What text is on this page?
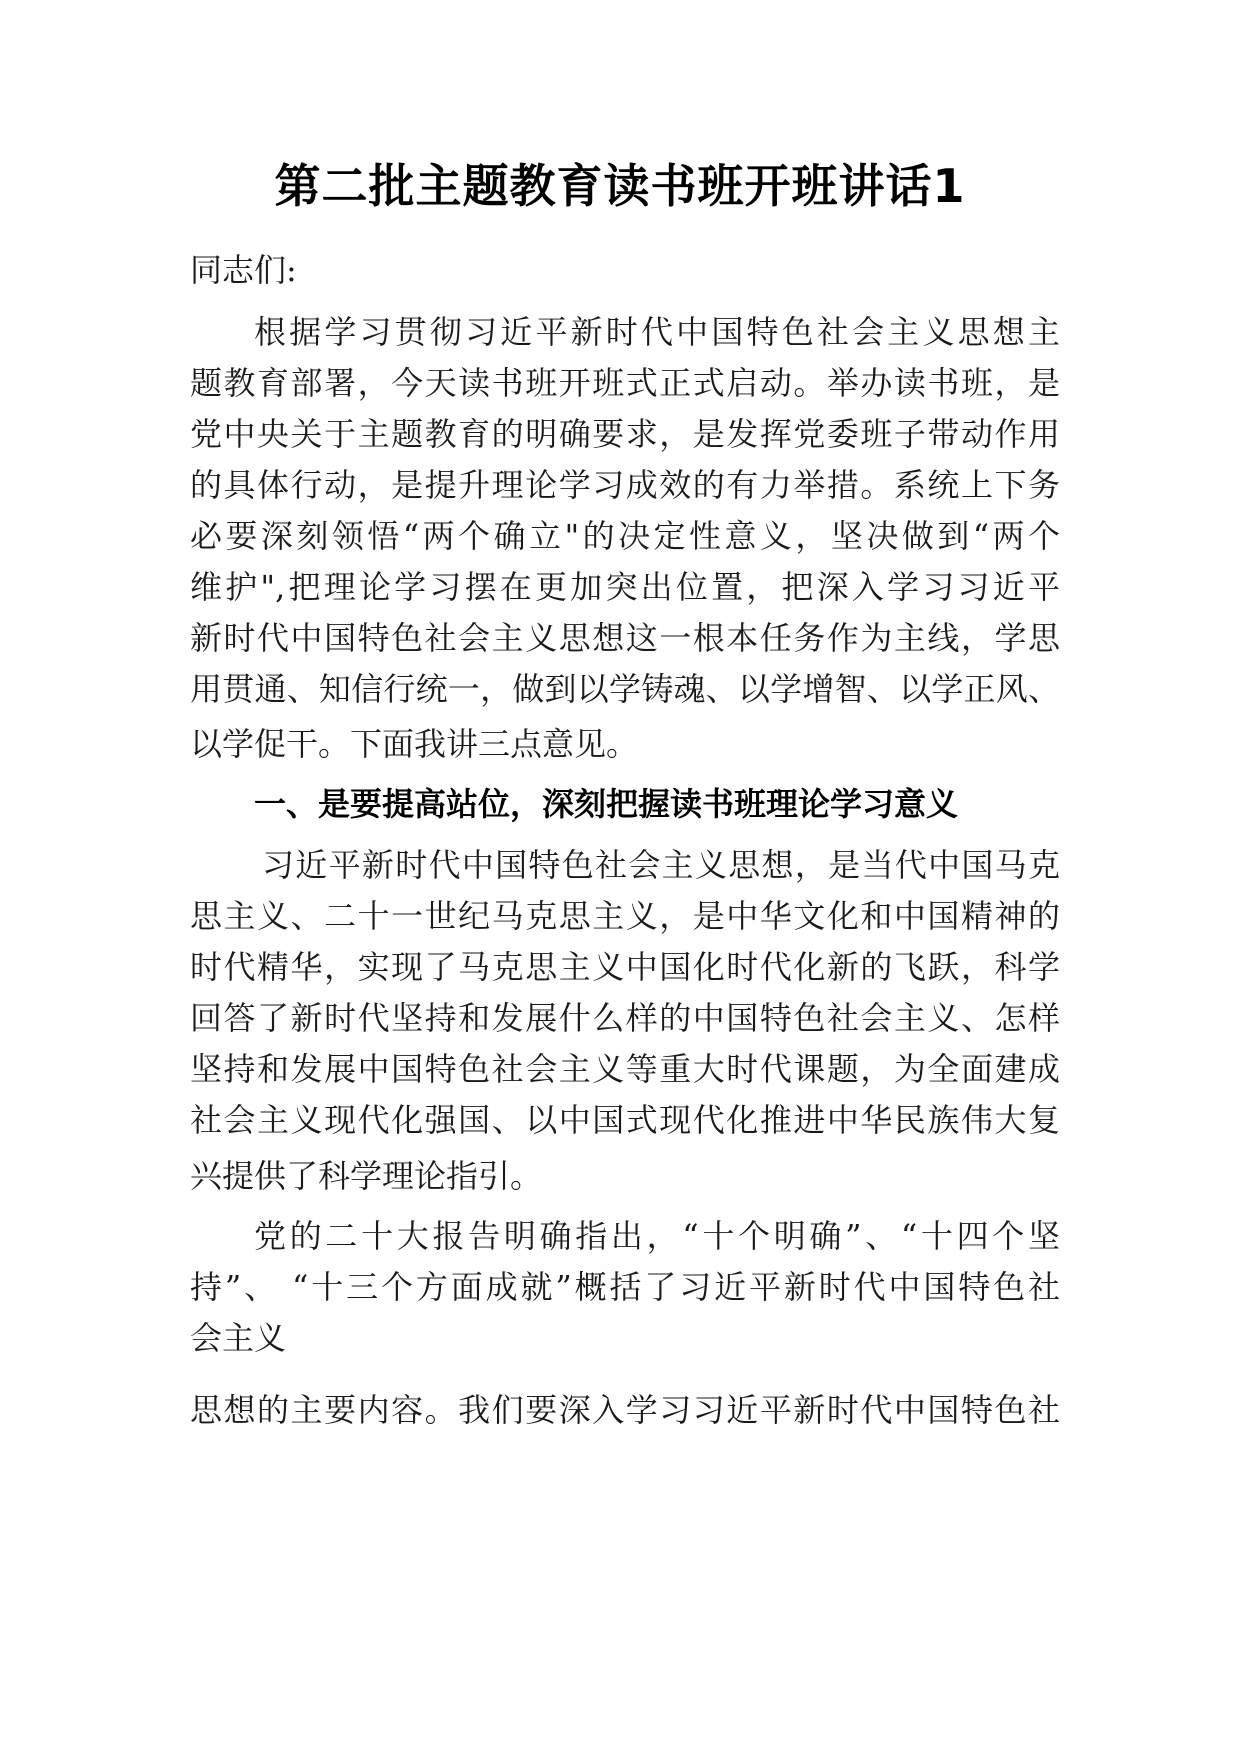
第二批主题教育读书班开班讲话1
同志们:
根据学习贯彻习近平新时代中国特色社会主义思想主
题教育部署，今天读书班开班式正式启动。举办读书班，是
党中央关于主题教育的明确要求，是发挥党委班子带动作用
的具体行动，是提升理论学习成效的有力举措。系统上下务
必要深刻领悟“两个确立"的决定性意义，坚决做到“两个
维护",把理论学习摆在更加突出位置，把深入学习习近平
新时代中国特色社会主义思想这一根本任务作为主线，学思
用贯通、知信行统一，做到以学铸魂、以学增智、以学正风、
以学促干。下面我讲三点意见。
一、是要提高站位，深刻把握读书班理论学习意义
习近平新时代中国特色社会主义思想，是当代中国马克
思主义、二十一世纪马克思主义，是中华文化和中国精神的
时代精华，实现了马克思主义中国化时代化新的飞跃，科学
回答了新时代坚持和发展什么样的中国特色社会主义、怎样
坚持和发展中国特色社会主义等重大时代课题，为全面建成
社会主义现代化强国、以中国式现代化推进中华民族伟大复
兴提供了科学理论指引。
党的二十大报告明确指出，“十个明确”、“十四个坚
持”、 “十三个方面成就”概括了习近平新时代中国特色社
会主义
思想的主要内容。我们要深入学习习近平新时代中国特色社
